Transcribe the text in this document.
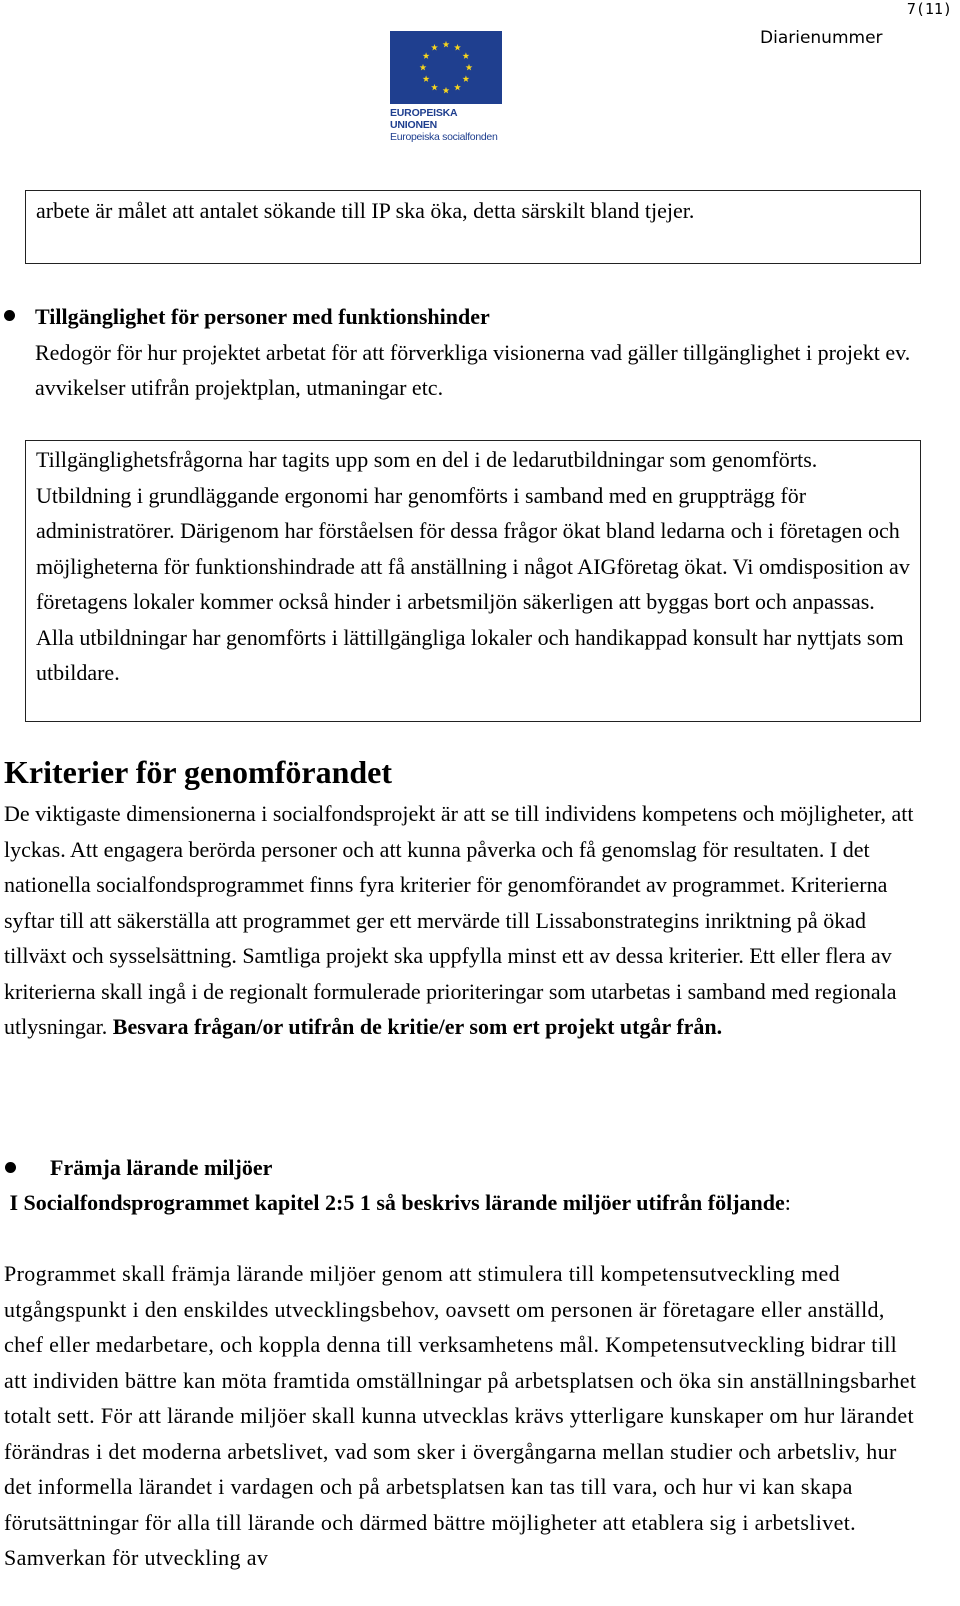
7(11)
Diarienummer
EUROPEISKA UNIONEN
Europeiska socialfonden
arbete är målet att antalet sökande till IP ska öka, detta särskilt bland tjejer.
Tillgänglighet för personer med funktionshinder
Redogör för hur projektet arbetat för att förverkliga visionerna vad gäller tillgänglighet i projekt ev. avvikelser utifrån projektplan, utmaningar etc.
Tillgänglighetsfrågorna har tagits upp som en del i de ledarutbildningar som genomförts. Utbildning i grundläggande ergonomi har genomförts i samband med en gruppträgg för administratörer. Därigenom har förståelsen för dessa frågor ökat bland ledarna och i företagen och möjligheterna för funktionshindrade att få anställning i något AIGföretag ökat. Vi omdisposition av företagens lokaler kommer också hinder i arbetsmiljön säkerligen att byggas bort och anpassas. Alla utbildningar har genomförts i lättillgängliga lokaler och handikappad konsult har nyttjats som utbildare.
Kriterier för genomförandet
De viktigaste dimensionerna i socialfondsprojekt är att se till individens kompetens och möjligheter, att lyckas. Att engagera berörda personer och att kunna påverka och få genomslag för resultaten. I det nationella socialfondsprogrammet finns fyra kriterier för genomförandet av programmet. Kriterierna syftar till att säkerställa att programmet ger ett mervärde till Lissabonstrategins inriktning på ökad tillväxt och sysselsättning. Samtliga projekt ska uppfylla minst ett av dessa kriterier. Ett eller flera av kriterierna skall ingå i de regionalt formulerade prioriteringar som utarbetas i samband med regionala utlysningar. Besvara frågan/or utifrån de kritie/er som ert projekt utgår från.
Främja lärande miljöer
I Socialfondsprogrammet kapitel 2:5 1 så beskrivs lärande miljöer utifrån följande:
Programmet skall främja lärande miljöer genom att stimulera till kompetensutveckling med utgångspunkt i den enskildes utvecklingsbehov, oavsett om personen är företagare eller anställd, chef eller medarbetare, och koppla denna till verksamhetens mål. Kompetensutveckling bidrar till att individen bättre kan möta framtida omställningar på arbetsplatsen och öka sin anställningsbarhet totalt sett. För att lärande miljöer skall kunna utvecklas krävs ytterligare kunskaper om hur lärandet förändras i det moderna arbetslivet, vad som sker i övergångarna mellan studier och arbetsliv, hur det informella lärandet i vardagen och på arbetsplatsen kan tas till vara, och hur vi kan skapa förutsättningar för alla till lärande och därmed bättre möjligheter att etablera sig i arbetslivet. Samverkan för utveckling av
